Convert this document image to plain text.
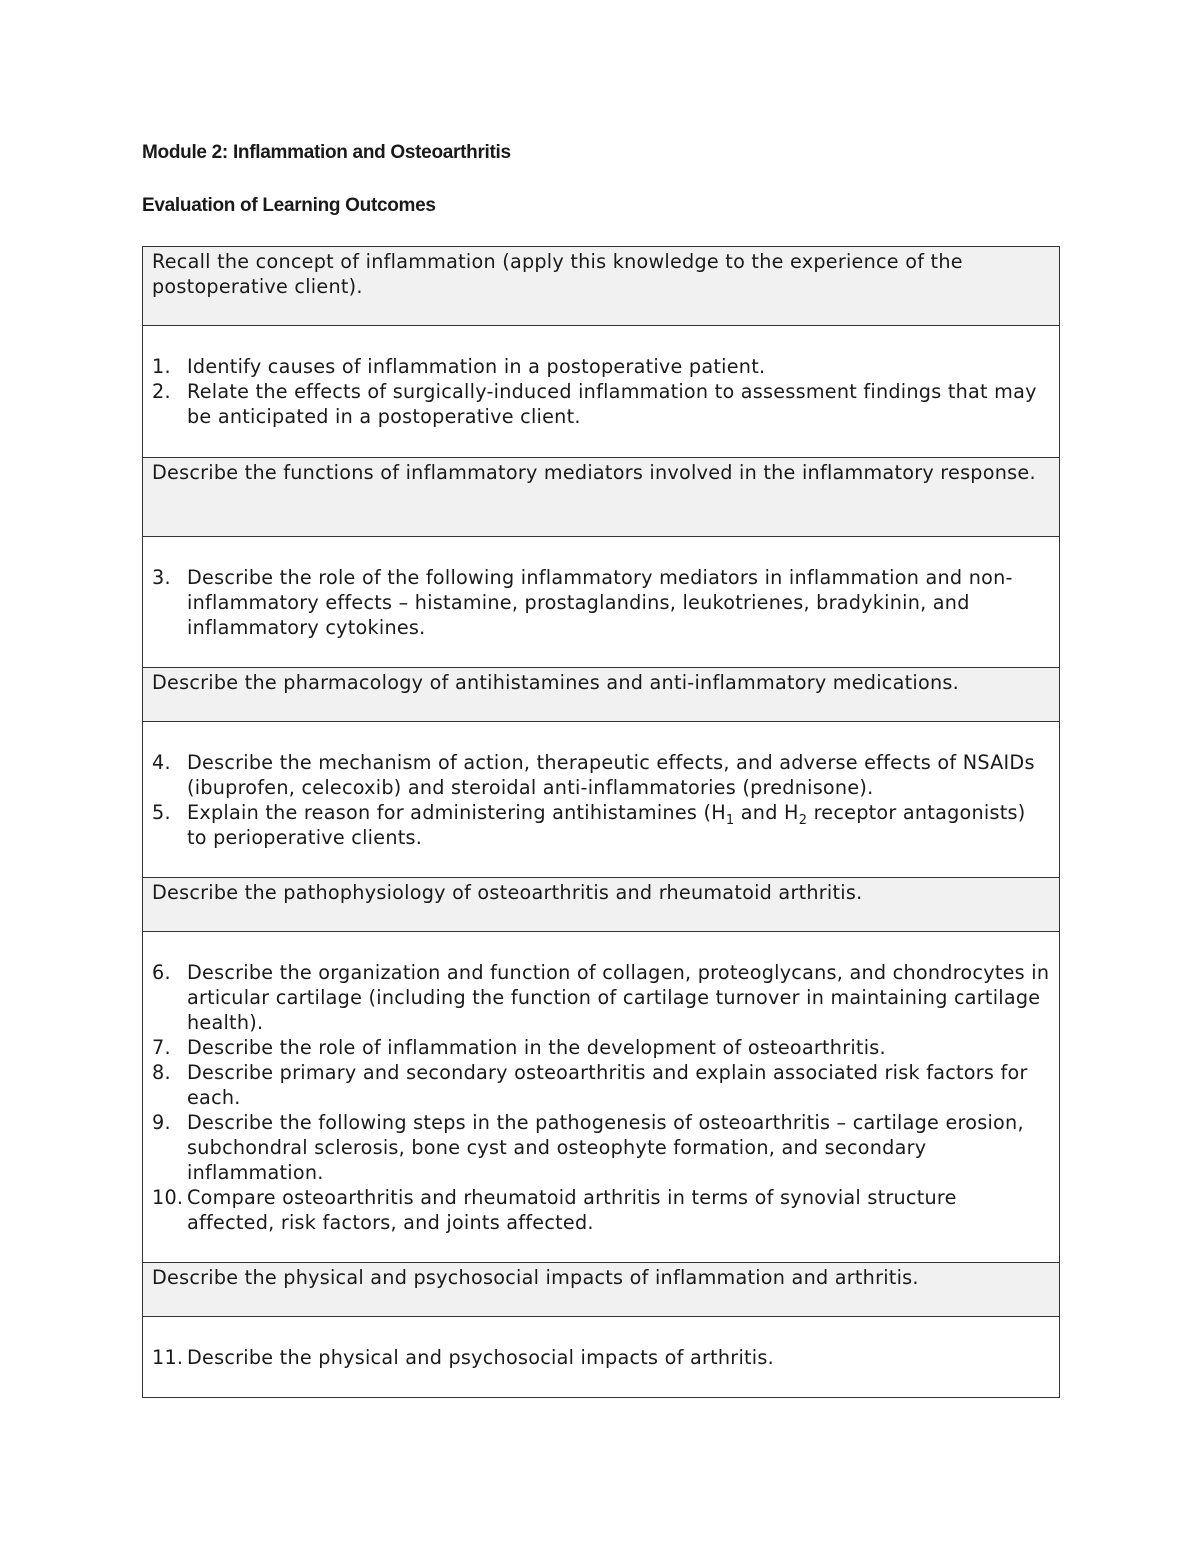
Module 2: Inflammation and Osteoarthritis
Evaluation of Learning Outcomes
Recall the concept of inflammation (apply this knowledge to the experience of the postoperative client).

1. Identify causes of inflammation in a postoperative patient.
2. Relate the effects of surgically-induced inflammation to assessment findings that may be anticipated in a postoperative client.

Describe the functions of inflammatory mediators involved in the inflammatory response.

3. Describe the role of the following inflammatory mediators in inflammation and non-inflammatory effects – histamine, prostaglandins, leukotrienes, bradykinin, and inflammatory cytokines.

Describe the pharmacology of antihistamines and anti-inflammatory medications.

4. Describe the mechanism of action, therapeutic effects, and adverse effects of NSAIDs (ibuprofen, celecoxib) and steroidal anti-inflammatories (prednisone).
5. Explain the reason for administering antihistamines ($H_1$ and $H_2$ receptor antagonists) to perioperative clients.

Describe the pathophysiology of osteoarthritis and rheumatoid arthritis.

6. Describe the organization and function of collagen, proteoglycans, and chondrocytes in articular cartilage (including the function of cartilage turnover in maintaining cartilage health).
7. Describe the role of inflammation in the development of osteoarthritis.
8. Describe primary and secondary osteoarthritis and explain associated risk factors for each.
9. Describe the following steps in the pathogenesis of osteoarthritis – cartilage erosion, subchondral sclerosis, bone cyst and osteophyte formation, and secondary inflammation.
10. Compare osteoarthritis and rheumatoid arthritis in terms of synovial structure affected, risk factors, and joints affected.

Describe the physical and psychosocial impacts of inflammation and arthritis.

11. Describe the physical and psychosocial impacts of arthritis.
